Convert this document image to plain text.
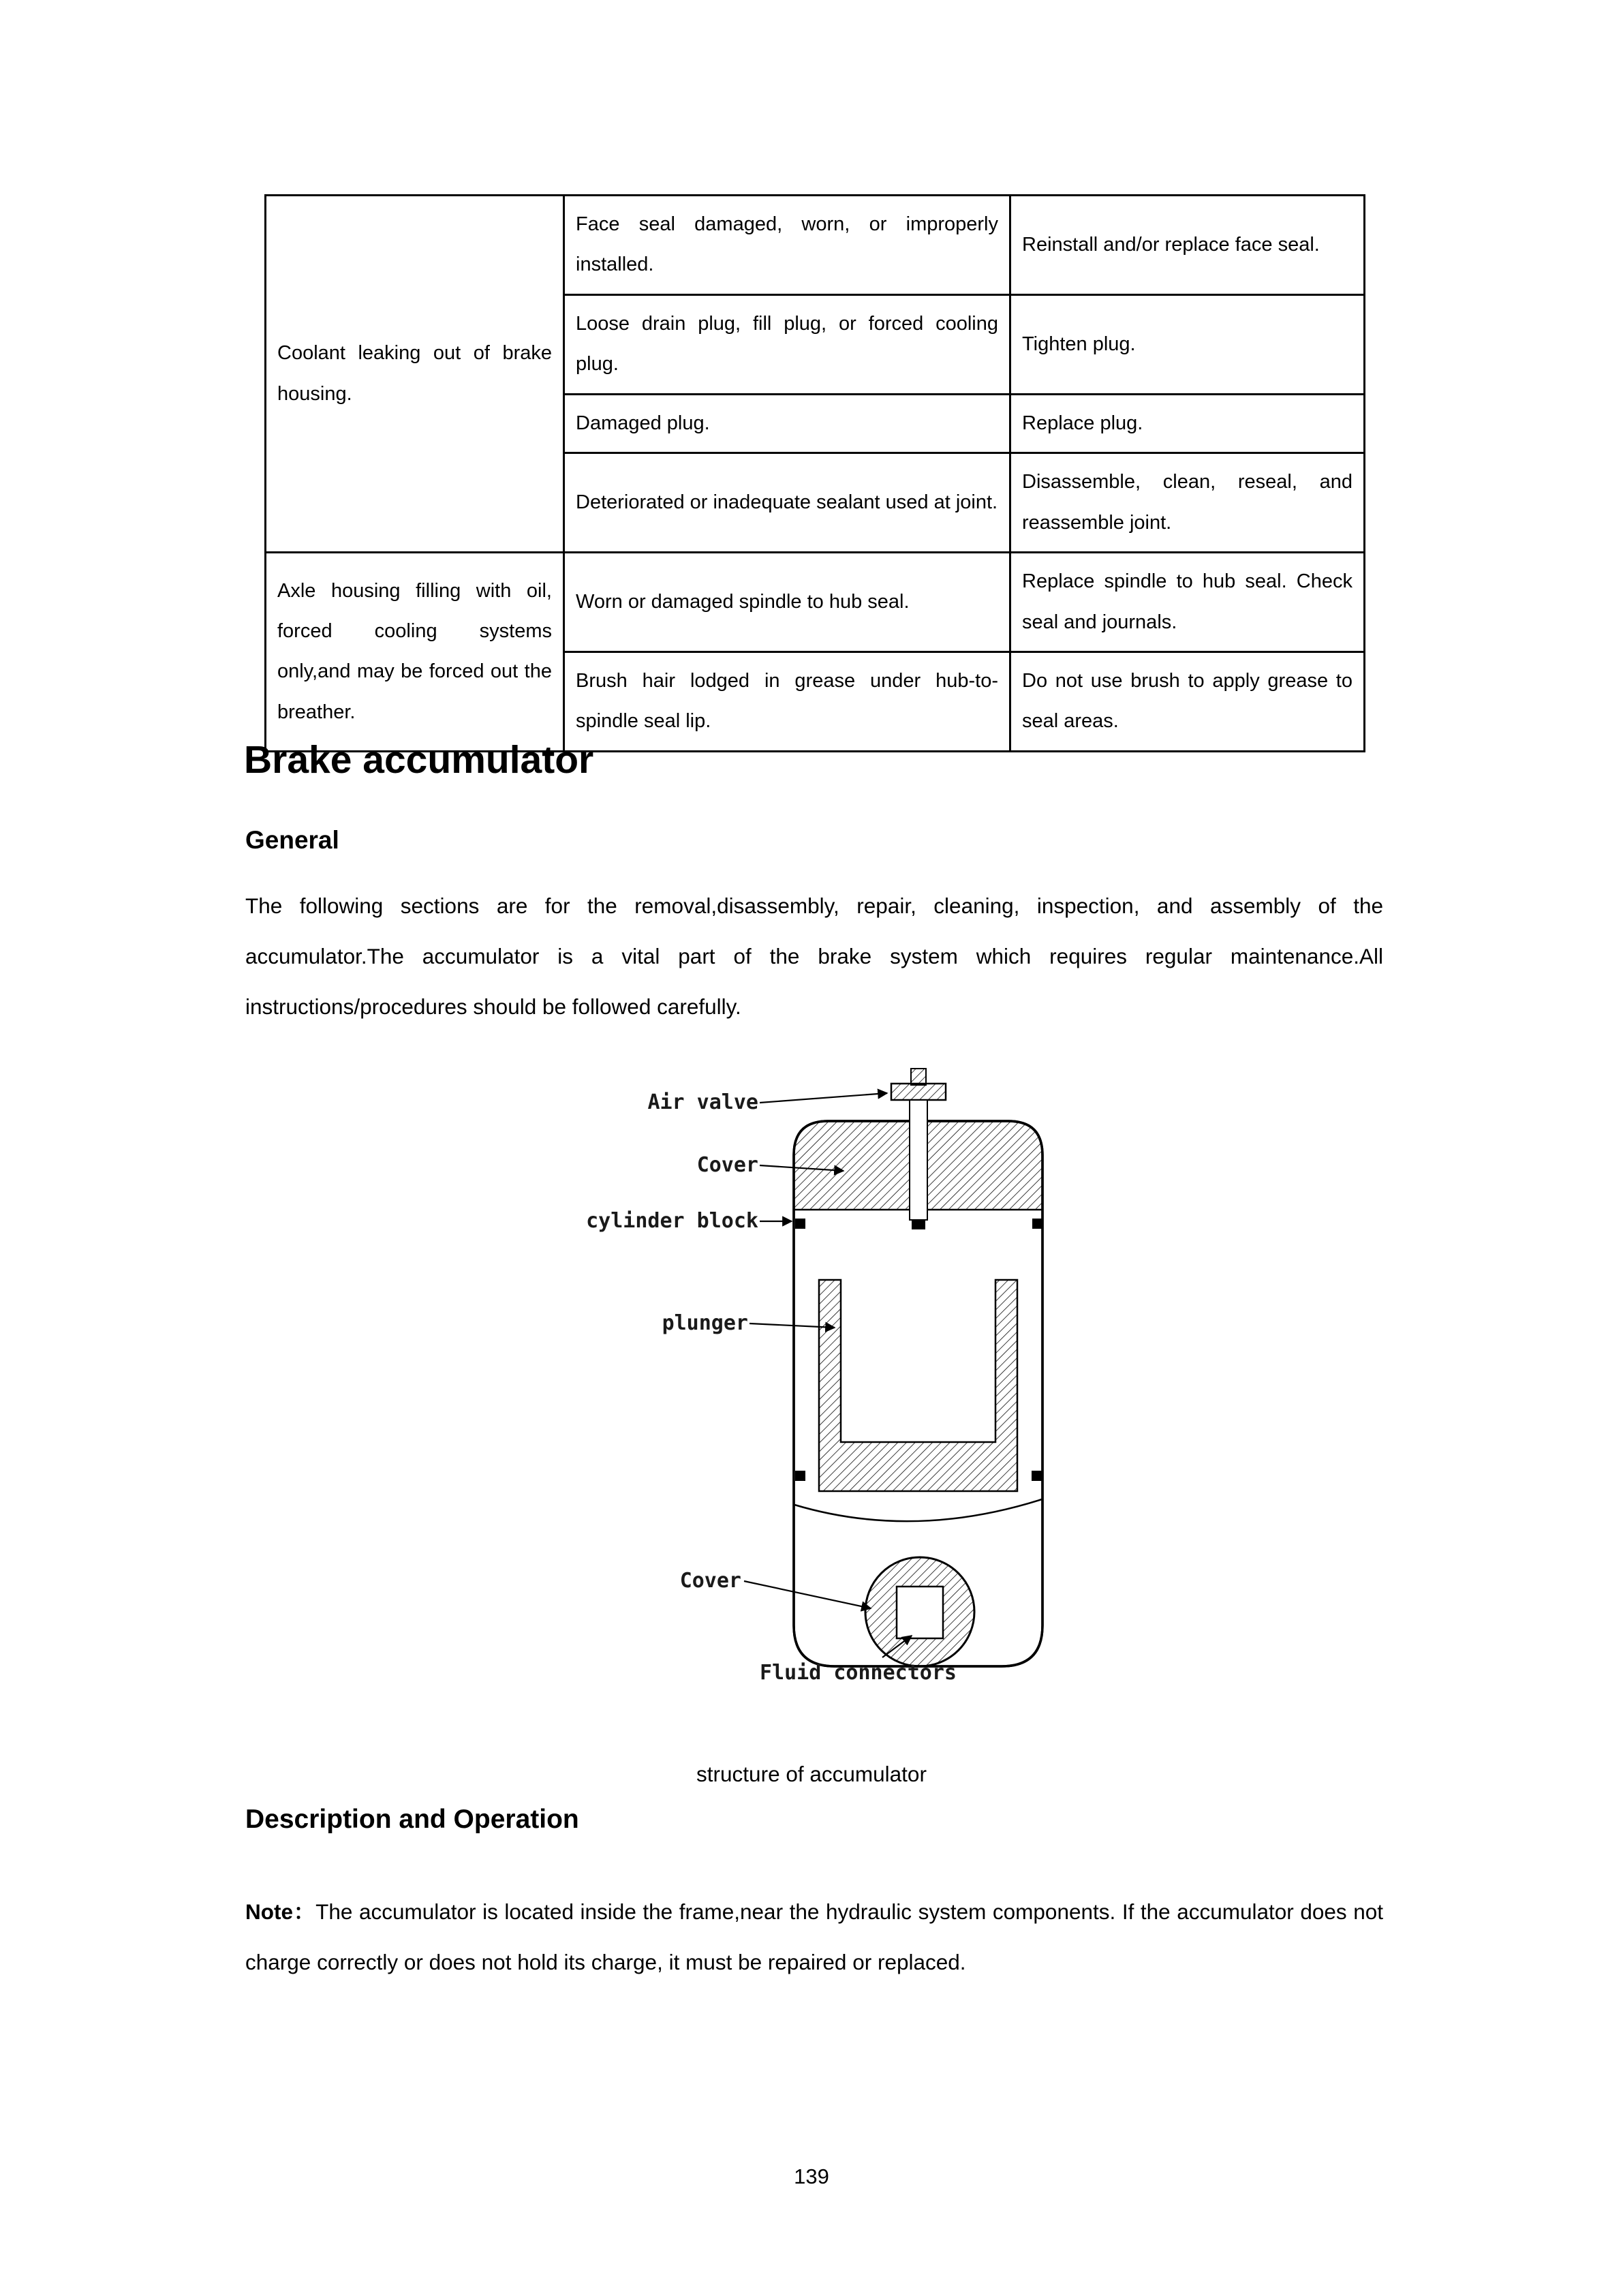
Coolant leaking out of brake housing.	Face seal damaged, worn, or improperly installed.	Reinstall and/or replace face seal.
	Loose drain plug, fill plug, or forced cooling plug.	Tighten plug.
	Damaged plug.	Replace plug.
	Deteriorated or inadequate sealant used at joint.	Disassemble, clean, reseal, and reassemble joint.
Axle housing filling with oil, forced cooling systems only,and may be forced out the breather.	Worn or damaged spindle to hub seal.	Replace spindle to hub seal. Check seal and journals.
	Brush hair lodged in grease under hub-to-spindle seal lip.	Do not use brush to apply grease to seal areas.
Brake accumulator
General
The following sections are for the removal,disassembly, repair, cleaning, inspection, and assembly of the accumulator.The accumulator is a vital part of the brake system which requires regular maintenance.All instructions/procedures should be followed carefully.
Air valve
Cover
cylinder block
plunger
Cover
Fluid connectors
structure of accumulator
Description and Operation
Note：The accumulator is located inside the frame,near the hydraulic system components. If the accumulator does not charge correctly or does not hold its charge, it must be repaired or replaced.
139
